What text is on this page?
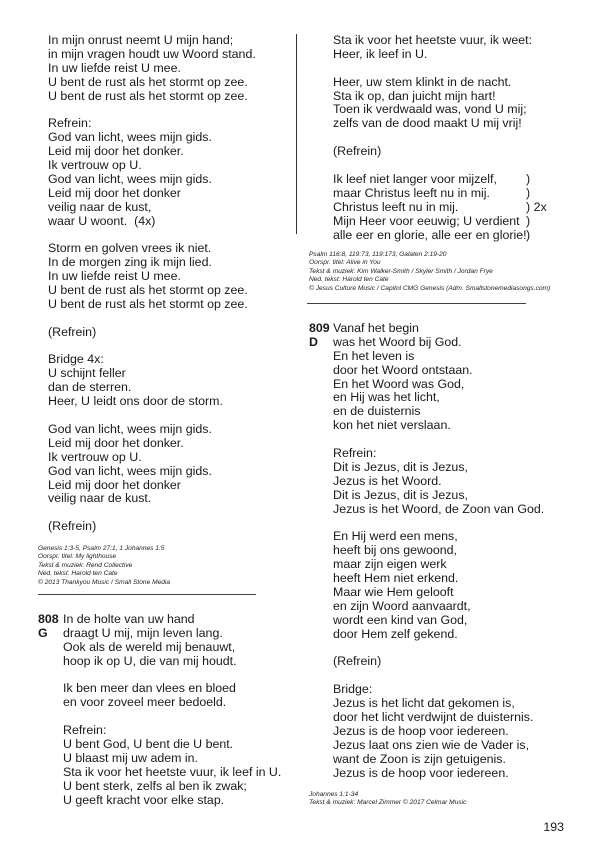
In mijn onrust neemt U mijn hand;
in mijn vragen houdt uw Woord stand.
In uw liefde reist U mee.
U bent de rust als het stormt op zee.
U bent de rust als het stormt op zee.
Refrein:
God van licht, wees mijn gids.
Leid mij door het donker.
Ik vertrouw op U.
God van licht, wees mijn gids.
Leid mij door het donker
veilig naar de kust,
waar U woont.  (4x)
Storm en golven vrees ik niet.
In de morgen zing ik mijn lied.
In uw liefde reist U mee.
U bent de rust als het stormt op zee.
U bent de rust als het stormt op zee.
(Refrein)
Bridge 4x:
U schijnt feller
dan de sterren.
Heer, U leidt ons door de storm.
God van licht, wees mijn gids.
Leid mij door het donker.
Ik vertrouw op U.
God van licht, wees mijn gids.
Leid mij door het donker
veilig naar de kust.
(Refrein)
Genesis 1:3-5, Psalm 27:1, 1 Johannes 1:5
Oorspr. titel: My lighthouse
Tekst & muziek: Rend Collective
Ned. tekst: Harold ten Cate
© 2013 Thankyou Music / Small Stone Media
808
G
In de holte van uw hand
draagt U mij, mijn leven lang.
Ook als de wereld mij benauwt,
hoop ik op U, die van mij houdt.
Ik ben meer dan vlees en bloed
en voor zoveel meer bedoeld.
Refrein:
U bent God, U bent die U bent.
U blaast mij uw adem in.
Sta ik voor het heetste vuur, ik leef in U.
U bent sterk, zelfs al ben ik zwak;
U geeft kracht voor elke stap.
Sta ik voor het heetste vuur, ik weet:
Heer, ik leef in U.
Heer, uw stem klinkt in de nacht.
Sta ik op, dan juicht mijn hart!
Toen ik verdwaald was, vond U mij;
zelfs van de dood maakt U mij vrij!
(Refrein)
Ik leef niet langer voor mijzelf, )
maar Christus leeft nu in mij.	)
Christus leeft nu in mij.	) 2x
Mijn Heer voor eeuwig; U verdient )
alle eer en glorie, alle eer en glorie! )
Psalm 116:8, 119:73, 119:173, Galaten 2:19-20
Oorspr. titel: Alive in You
Tekst & muziek: Kim Walker-Smith / Skyler Smith / Jordan Frye
Ned. tekst: Harold ten Cate
© Jesus Culture Music / Capitol CMG Genesis (Adm. Smallstonemediasongs.com)
809
D
Vanaf het begin
was het Woord bij God.
En het leven is
door het Woord ontstaan.
En het Woord was God,
en Hij was het licht,
en de duisternis
kon het niet verslaan.
Refrein:
Dit is Jezus, dit is Jezus,
Jezus is het Woord.
Dit is Jezus, dit is Jezus,
Jezus is het Woord, de Zoon van God.
En Hij werd een mens,
heeft bij ons gewoond,
maar zijn eigen werk
heeft Hem niet erkend.
Maar wie Hem gelooft
en zijn Woord aanvaardt,
wordt een kind van God,
door Hem zelf gekend.
(Refrein)
Bridge:
Jezus is het licht dat gekomen is,
door het licht verdwijnt de duisternis.
Jezus is de hoop voor iedereen.
Jezus laat ons zien wie de Vader is,
want de Zoon is zijn getuigenis.
Jezus is de hoop voor iedereen.
Johannes 1:1-34
Tekst & muziek: Marcel Zimmer © 2017 Celmar Music
193
